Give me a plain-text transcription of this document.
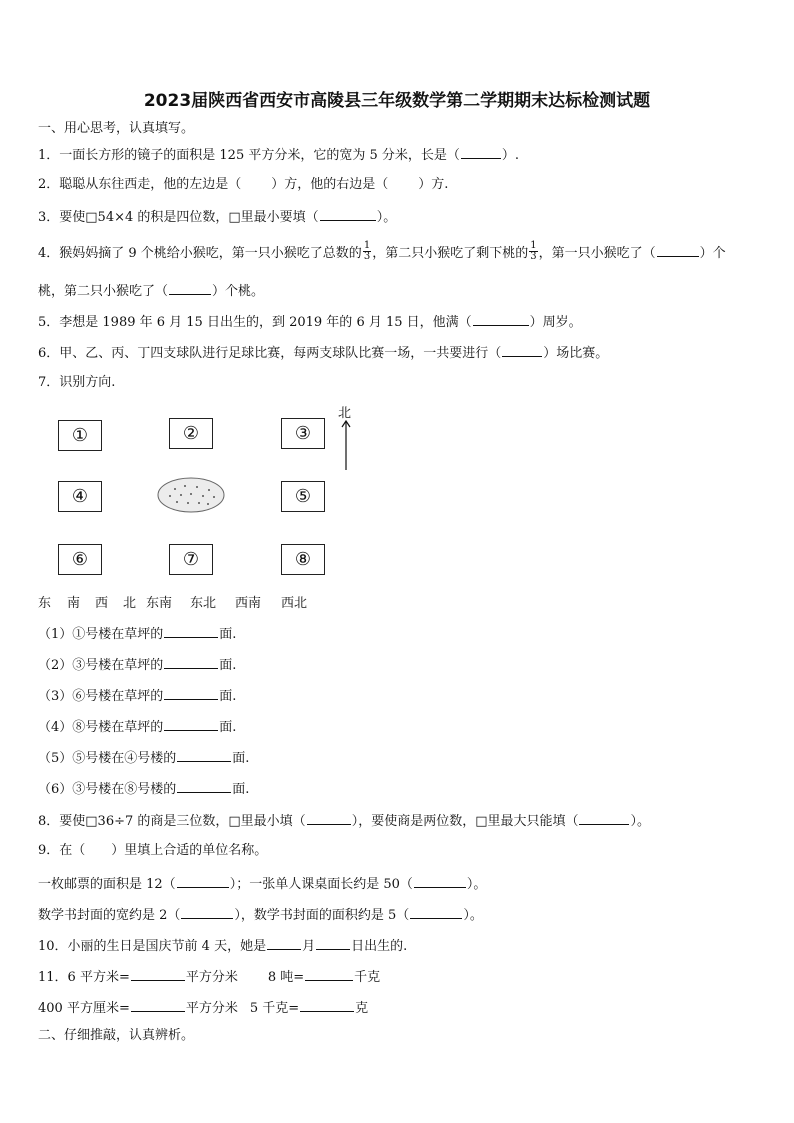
2023届陕西省西安市高陵县三年级数学第二学期期末达标检测试题
一、用心思考，认真填写。
1．一面长方形的镜子的面积是 125 平方分米，它的宽为 5 分米，长是（	）.
2．聪聪从东往西走，他的左边是（ ）方，他的右边是（ ）方.
3．要使□54×4 的积是四位数，□里最小要填（	）。
4．猴妈妈摘了 9 个桃给小猴吃，第一只小猴吃了总数的 $\frac{1}{3}$ ，第二只小猴吃了剩下桃的 $\frac{1}{3}$ ，第一只小猴吃了（	）个
桃，第二只小猴吃了（	）个桃。
5．李想是 1989 年 6 月 15 日出生的，到 2019 年的 6 月 15 日，他满（	）周岁。
6．甲、乙、丙、丁四支球队进行足球比赛，每两支球队比赛一场，一共要进行（	）场比赛。
7．识别方向.
①	②	③
④	⑤
⑥	⑦	⑧
北
东 南 西 北 东南 东北 西南 西北
（1）①号楼在草坪的	面.
（2）③号楼在草坪的	面.
（3）⑥号楼在草坪的	面.
（4）⑧号楼在草坪的	面.
（5）⑤号楼在④号楼的	面.
（6）③号楼在⑧号楼的	面.
8．要使□36÷7 的商是三位数，□里最小填（	），要使商是两位数，□里最大只能填（	）。
9．在（　　）里填上合适的单位名称。
一枚邮票的面积是 12（	）；一张单人课桌面长约是 50（	）。
数学书封面的宽约是 2（	），数学书封面的面积约是 5（	）。
10．小丽的生日是国庆节前 4 天，她是	月	日出生的.
11．6 平方米=	平方分米 8 吨=	千克
400 平方厘米=	平方分米 5 千克=	克
二、仔细推敲，认真辨析。
